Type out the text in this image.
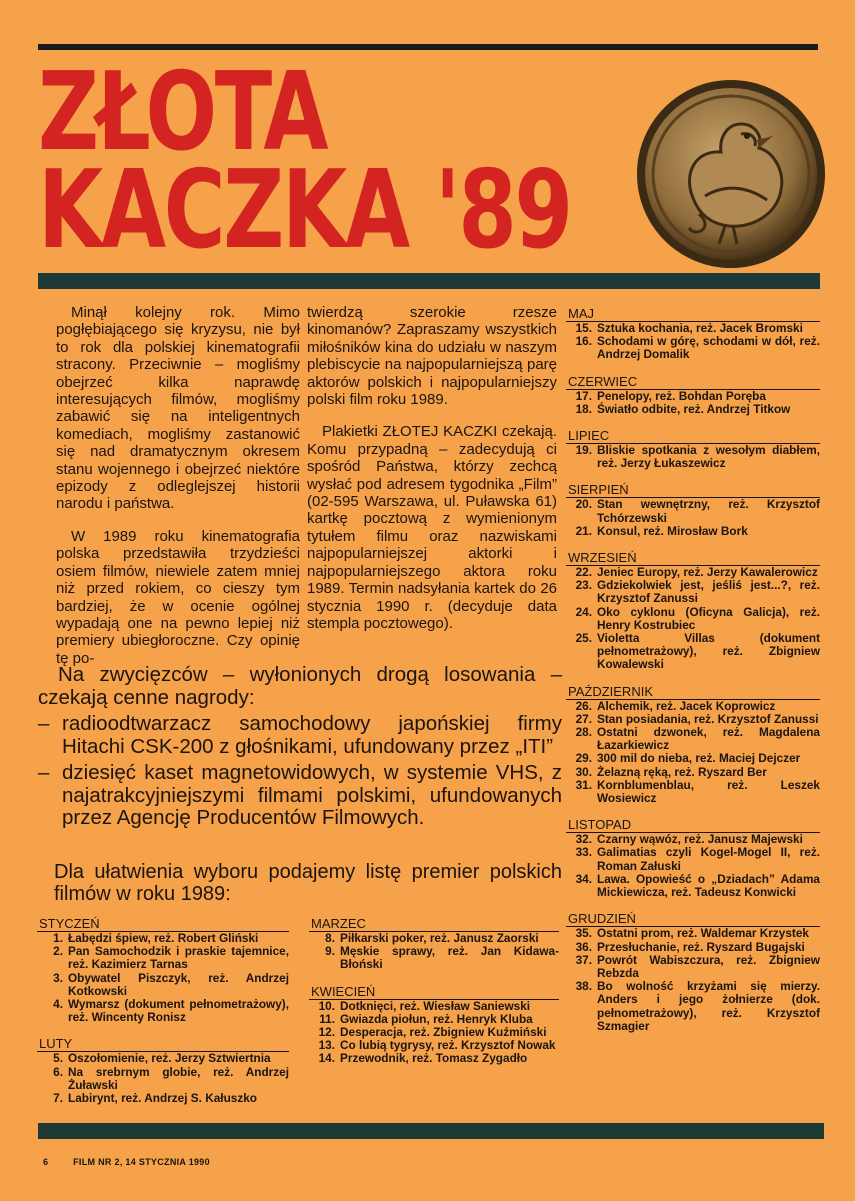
ZŁOTA
KACZKA '89

Minął kolejny rok. Mimo pogłębiającego się kryzysu, nie był to rok dla polskiej kinematografii stracony. Przeciwnie – mogliśmy obejrzeć kilka naprawdę interesujących filmów, mogliśmy zabawić się na inteligentnych komediach, mogliśmy zastanowić się nad dramatycznym okresem stanu wojennego i obejrzeć niektóre epizody z odleglejszej historii narodu i państwa.

W 1989 roku kinematografia polska przedstawiła trzydzieści osiem filmów, niewiele zatem mniej niż przed rokiem, co cieszy tym bardziej, że w ocenie ogólnej wypadają one na pewno lepiej niż premiery ubiegłoroczne. Czy opinię tę po-

twierdzą szerokie rzesze kinomanów? Zapraszamy wszystkich miłośników kina do udziału w naszym plebiscycie na najpopularniejszą parę aktorów polskich i najpopularniejszy polski film roku 1989.

Plakietki ZŁOTEJ KACZKI czekają. Komu przypadną – zadecydują ci spośród Państwa, którzy zechcą wysłać pod adresem tygodnika „Film” (02-595 Warszawa, ul. Puławska 61) kartkę pocztową z wymienionym tytułem filmu oraz nazwiskami najpopularniejszej aktorki i najpopularniejszego aktora roku 1989. Termin nadsyłania kartek do 26 stycznia 1990 r. (decyduje data stempla pocztowego).

Na zwycięzców – wyłonionych drogą losowania – czekają cenne nagrody:

– radioodtwarzacz samochodowy japońskiej firmy Hitachi CSK-200 z głośnikami, ufundowany przez „ITI”
– dziesięć kaset magnetowidowych, w systemie VHS, z najatrakcyjniejszymi filmami polskimi, ufundowanych przez Agencję Producentów Filmowych.
Dla ułatwienia wyboru podajemy listę premier polskich filmów w roku 1989:
STYCZEŃ
1. Łabędzi śpiew, reż. Robert Gliński
2. Pan Samochodzik i praskie tajemnice, reż. Kazimierz Tarnas
3. Obywatel Piszczyk, reż. Andrzej Kotkowski
4. Wymarsz (dokument pełnometrażowy), reż. Wincenty Ronisz
LUTY
5. Oszołomienie, reż. Jerzy Sztwiertnia
6. Na srebrnym globie, reż. Andrzej Żuławski
7. Labirynt, reż. Andrzej S. Kałuszko
MARZEC
8. Piłkarski poker, reż. Janusz Zaorski
9. Męskie sprawy, reż. Jan Kidawa-Błoński
KWIECIEŃ
10. Dotknięci, reż. Wiesław Saniewski
11. Gwiazda piołun, reż. Henryk Kluba
12. Desperacja, reż. Zbigniew Kuźmiński
13. Co lubią tygrysy, reż. Krzysztof Nowak
14. Przewodnik, reż. Tomasz Zygadło
MAJ
15. Sztuka kochania, reż. Jacek Bromski
16. Schodami w górę, schodami w dół, reż. Andrzej Domalik
CZERWIEC
17. Penelopy, reż. Bohdan Poręba
18. Światło odbite, reż. Andrzej Titkow
LIPIEC
19. Bliskie spotkania z wesołym diabłem, reż. Jerzy Łukaszewicz
SIERPIEŃ
20. Stan wewnętrzny, reż. Krzysztof Tchórzewski
21. Konsul, reż. Mirosław Bork
WRZESIEŃ
22. Jeniec Europy, reż. Jerzy Kawalerowicz
23. Gdziekolwiek jest, jeśliś jest...?, reż. Krzysztof Zanussi
24. Oko cyklonu (Oficyna Galicja), reż. Henry Kostrubiec
25. Violetta Villas (dokument pełnometrażowy), reż. Zbigniew Kowalewski
PAŹDZIERNIK
26. Alchemik, reż. Jacek Koprowicz
27. Stan posiadania, reż. Krzysztof Zanussi
28. Ostatni dzwonek, reż. Magdalena Łazarkiewicz
29. 300 mil do nieba, reż. Maciej Dejczer
30. Żelazną ręką, reż. Ryszard Ber
31. Kornblumenblau, reż. Leszek Wosiewicz
LISTOPAD
32. Czarny wąwóz, reż. Janusz Majewski
33. Galimatias czyli Kogel-Mogel II, reż. Roman Załuski
34. Lawa. Opowieść o „Dziadach” Adama Mickiewicza, reż. Tadeusz Konwicki
GRUDZIEŃ
35. Ostatni prom, reż. Waldemar Krzystek
36. Przesłuchanie, reż. Ryszard Bugajski
37. Powrót Wabiszczura, reż. Zbigniew Rebzda
38. Bo wolność krzyżami się mierzy. Anders i jego żołnierze (dok. pełnometrażowy), reż. Krzysztof Szmagier
6	FILM NR 2, 14 STYCZNIA 1990
